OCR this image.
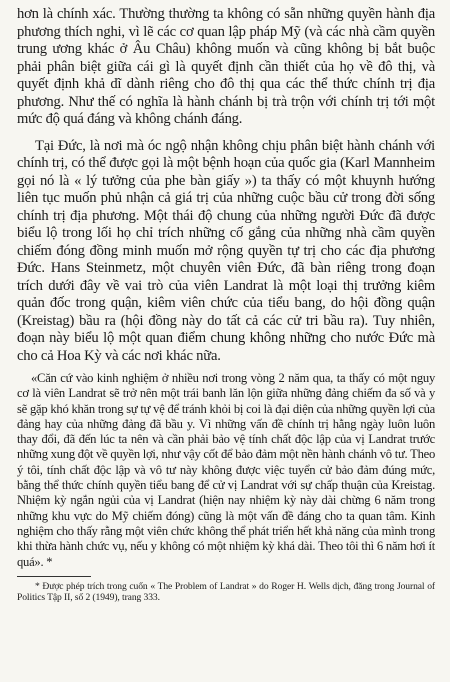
hơn là chính xác. Thường thường ta không có sẵn những quyền hành địa phương thích nghi, vì lẽ các cơ quan lập pháp Mỹ (và các nhà cầm quyền trung ương khác ở Âu Châu) không muốn và cũng không bị bắt buộc phải phân biệt giữa cái gì là quyết định cần thiết của họ về đô thị, và quyết định khả dĩ dành riêng cho đô thị qua các thể thức chính trị địa phương. Như thế có nghĩa là hành chánh bị trà trộn với chính trị tới một mức độ quá đáng và không chánh đáng.

Tại Đức, là nơi mà óc ngộ nhận không chịu phân biệt hành chánh với chính trị, có thể được gọi là một bệnh hoạn của quốc gia (Karl Mannheim gọi nó là « lý tưởng của phe bàn giấy ») ta thấy có một khuynh hướng liên tục muốn phủ nhận cả giá trị của những cuộc bầu cử trong đời sống chính trị địa phương. Một thái độ chung của những người Đức đã được biểu lộ trong lối họ chỉ trích những cố gắng của những nhà cầm quyền chiếm đóng đồng minh muốn mở rộng quyền tự trị cho các địa phương Đức. Hans Steinmetz, một chuyên viên Đức, đã bàn riêng trong đoạn trích dưới đây về vai trò của viên Landrat là một loại thị trưởng kiêm quản đốc trong quận, kiêm viên chức của tiểu bang, do hội đồng quận (Kreistag) bầu ra (hội đồng này do tất cả các cử tri bầu ra). Tuy nhiên, đoạn này biểu lộ một quan điểm chung không những cho nước Đức mà cho cả Hoa Kỳ và các nơi khác nữa.

«Căn cứ vào kinh nghiệm ở nhiều nơi trong vòng 2 năm qua, ta thấy có một nguy cơ là viên Landrat sẽ trở nên một trái banh lăn lộn giữa những đảng chiếm đa số và y sẽ gặp khó khăn trong sự tự vệ để tránh khỏi bị coi là đại diện của những quyền lợi của đảng hay của những đảng đã bầu y. Vì những vấn đề chính trị hằng ngày luôn luôn thay đổi, đã đến lúc ta nên và cần phải bảo vệ tính chất độc lập của vị Landrat trước những xung đột về quyền lợi, như vậy cốt để bảo đảm một nền hành chánh vô tư. Theo ý tôi, tính chất độc lập và vô tư này không được việc tuyển cử bảo đảm đúng mức, bằng thể thức chính quyền tiểu bang để cử vị Landrat với sự chấp thuận của Kreistag. Nhiệm kỳ ngắn ngủi của vị Landrat (hiện nay nhiệm kỳ này dài chừng 6 năm trong những khu vực do Mỹ chiếm đóng) cũng là một vấn đề đáng cho ta quan tâm. Kinh nghiệm cho thấy rằng một viên chức không thể phát triển hết khả năng của mình trong khi thừa hành chức vụ, nếu y không có một nhiệm kỳ khá dài. Theo tôi thì 6 năm hơi ít quá». *

* Được phép trích trong cuốn « The Problem of Landrat » do Roger H. Wells dịch, đăng trong Journal of Politics Tập II, số 2 (1949), trang 333.
